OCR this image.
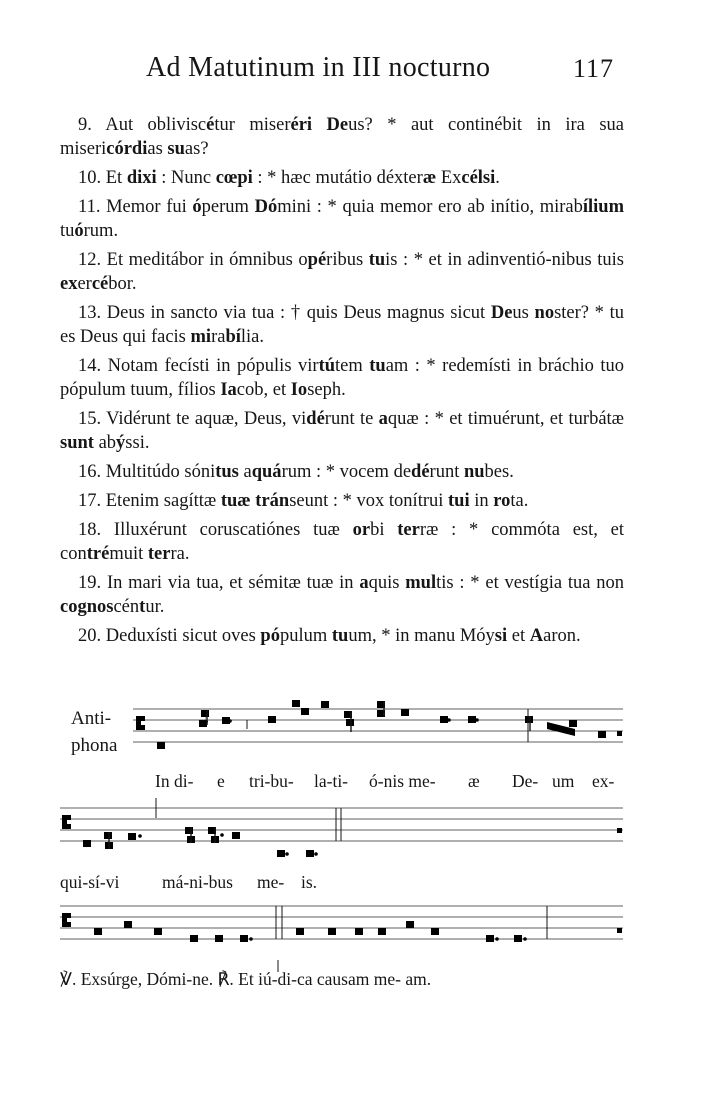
Ad Matutinum in III nocturno	117

9. Aut obliviscétur miseréri Deus? * aut continébit in ira sua misericórdias suas?

10. Et dixi : Nunc cœpi : * hæc mutátio déxteræ Excélsi.

11. Memor fui óperum Dómini : * quia memor ero ab inítio, mirabílium tuórum.

12. Et meditábor in ómnibus opéribus tuis : * et in adinventió-nibus tuis exercébor.

13. Deus in sancto via tua : † quis Deus magnus sicut Deus noster? * tu es Deus qui facis mirabília.

14. Notam fecísti in pópulis virtútem tuam : * redemísti in bráchio tuo pópulum tuum, fílios Iacob, et Ioseph.

15. Vidérunt te aquæ, Deus, vidérunt te aquæ : * et timuérunt, et turbátæ sunt abýssi.

16. Multitúdo sónitus aquárum : * vocem dedérunt nubes.

17. Etenim sagíttæ tuæ tránseunt : * vox tonítrui tui in rota.

18. Illuxérunt coruscatiónes tuæ orbi terræ : * commóta est, et contrémuit terra.

19. In mari via tua, et sémitæ tuæ in aquis multis : * et vestígia tua non cognoscéntur.

20. Deduxísti sicut oves pópulum tuum, * in manu Móysi et Aaron.

♭
Anti-
phona
In di- e tri-bu- la-ti- ó-nis me- æ De- um ex-
qui-sí-vi má-ni-bus me- is.
℣. Exsúrge, Dómi-ne. ℟. Et iú-di-ca causam me- am.
